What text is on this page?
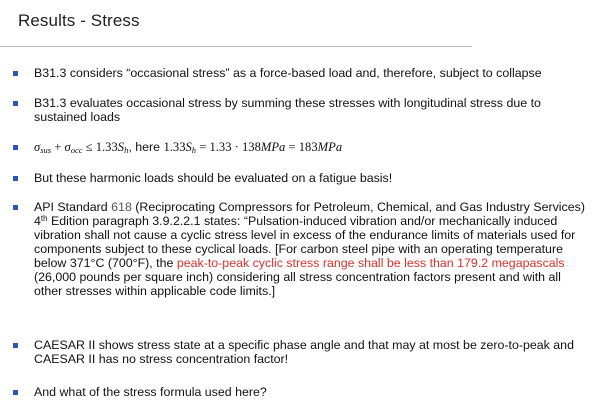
Results - Stress
B31.3 considers “occasional stress” as a force-based load and, therefore, subject to collapse
B31.3 evaluates occasional stress by summing these stresses with longitudinal stress due to sustained loads
$\sigma_{sus} + \sigma_{occ} \le 1.33S_h$, here $1.33S_h = 1.33 \cdot 138MPa = 183MPa$
But these harmonic loads should be evaluated on a fatigue basis!
API Standard 618 (Reciprocating Compressors for Petroleum, Chemical, and Gas Industry Services) 4th Edition paragraph 3.9.2.2.1 states: “Pulsation-induced vibration and/or mechanically induced vibration shall not cause a cyclic stress level in excess of the endurance limits of materials used for components subject to these cyclical loads. [For carbon steel pipe with an operating temperature below 371°C (700°F), the peak-to-peak cyclic stress range shall be less than 179.2 megapascals (26,000 pounds per square inch) considering all stress concentration factors present and with all other stresses within applicable code limits.]
CAESAR II shows stress state at a specific phase angle and that may at most be zero-to-peak and CAESAR II has no stress concentration factor!
And what of the stress formula used here?
